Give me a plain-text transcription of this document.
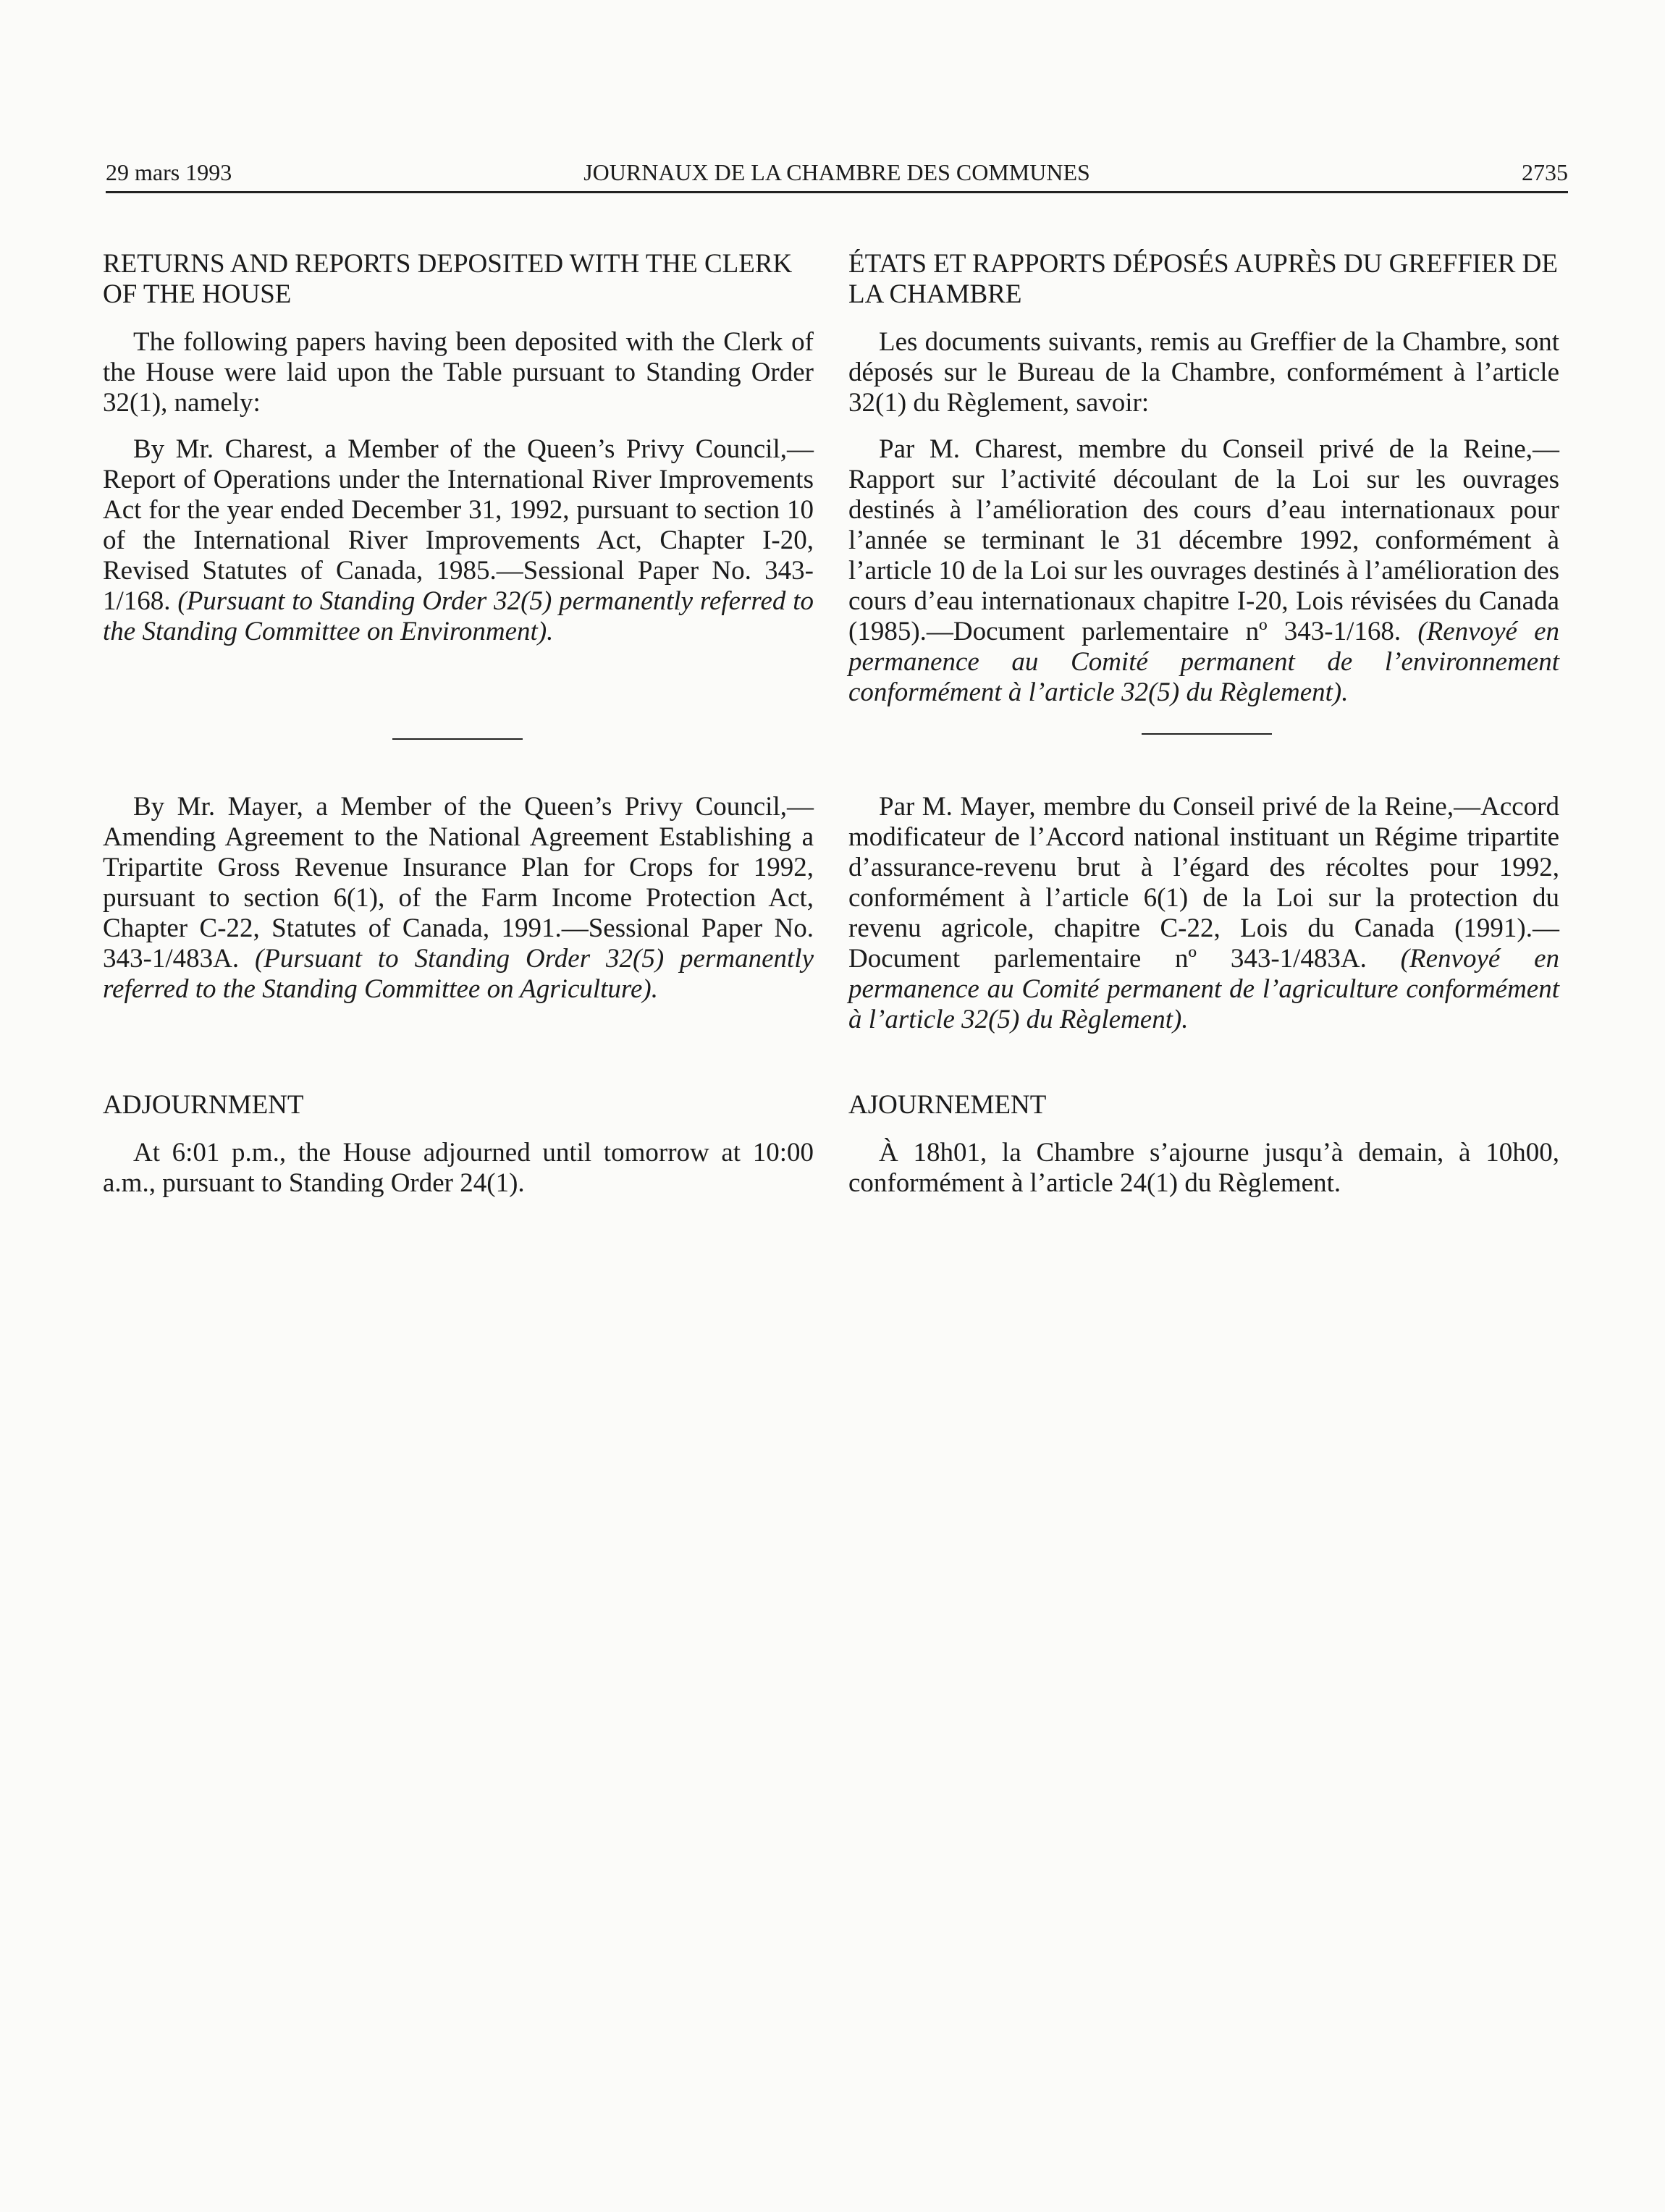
29 mars 1993	JOURNAUX DE LA CHAMBRE DES COMMUNES	2735
RETURNS AND REPORTS DEPOSITED WITH THE CLERK OF THE HOUSE

The following papers having been deposited with the Clerk of the House were laid upon the Table pursuant to Standing Order 32(1), namely:

By Mr. Charest, a Member of the Queen’s Privy Council,—Report of Operations under the International River Improvements Act for the year ended December 31, 1992, pursuant to section 10 of the International River Improvements Act, Chapter I-20, Revised Statutes of Canada, 1985.—Sessional Paper No. 343-1/168. (Pursuant to Standing Order 32(5) permanently referred to the Standing Committee on Environment).

By Mr. Mayer, a Member of the Queen’s Privy Council,—Amending Agreement to the National Agreement Establishing a Tripartite Gross Revenue Insurance Plan for Crops for 1992, pursuant to section 6(1), of the Farm Income Protection Act, Chapter C-22, Statutes of Canada, 1991.—Sessional Paper No. 343-1/483A. (Pursuant to Standing Order 32(5) permanently referred to the Standing Committee on Agriculture).

ADJOURNMENT

At 6:01 p.m., the House adjourned until tomorrow at 10:00 a.m., pursuant to Standing Order 24(1).

ÉTATS ET RAPPORTS DÉPOSÉS AUPRÈS DU GREFFIER DE LA CHAMBRE

Les documents suivants, remis au Greffier de la Chambre, sont déposés sur le Bureau de la Chambre, conformément à l’article 32(1) du Règlement, savoir:

Par M. Charest, membre du Conseil privé de la Reine,—Rapport sur l’activité découlant de la Loi sur les ouvrages destinés à l’amélioration des cours d’eau internationaux pour l’année se terminant le 31 décembre 1992, conformément à l’article 10 de la Loi sur les ouvrages destinés à l’amélioration des cours d’eau internationaux chapitre I-20, Lois révisées du Canada (1985).—Document parlementaire nº 343-1/168. (Renvoyé en permanence au Comité permanent de l’environnement conformément à l’article 32(5) du Règlement).

Par M. Mayer, membre du Conseil privé de la Reine,—Accord modificateur de l’Accord national instituant un Régime tripartite d’assurance-revenu brut à l’égard des récoltes pour 1992, conformément à l’article 6(1) de la Loi sur la protection du revenu agricole, chapitre C-22, Lois du Canada (1991).—Document parlementaire nº 343-1/483A. (Renvoyé en permanence au Comité permanent de l’agriculture conformément à l’article 32(5) du Règlement).

AJOURNEMENT

À 18h01, la Chambre s’ajourne jusqu’à demain, à 10h00, conformément à l’article 24(1) du Règlement.
